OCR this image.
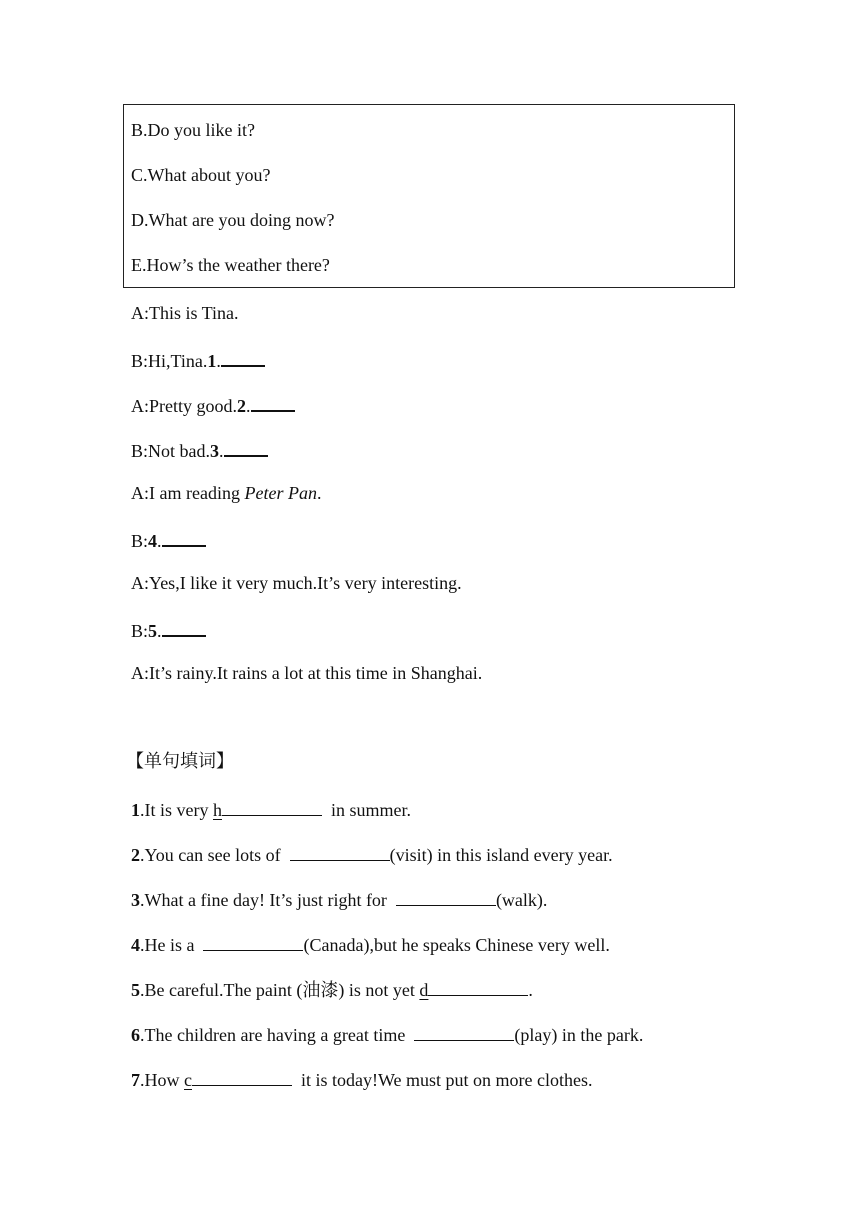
B.Do you like it?
C.What about you?
D.What are you doing now?
E.How’s the weather there?
A:This is Tina.
B:Hi,Tina.1.
A:Pretty good.2.
B:Not bad.3.
A:I am reading Peter Pan.
B:4.
A:Yes,I like it very much.It’s very interesting.
B:5.
A:It’s rainy.It rains a lot at this time in Shanghai.
【单句填词】
1.It is very h	in summer.
2.You can see lots of	(visit) in this island every year.
3.What a fine day! It’s just right for	(walk).
4.He is a	(Canada),but he speaks Chinese very well.
5.Be careful.The paint (油漆) is not yet d	.
6.The children are having a great time	(play) in the park.
7.How c	it is today!We must put on more clothes.
